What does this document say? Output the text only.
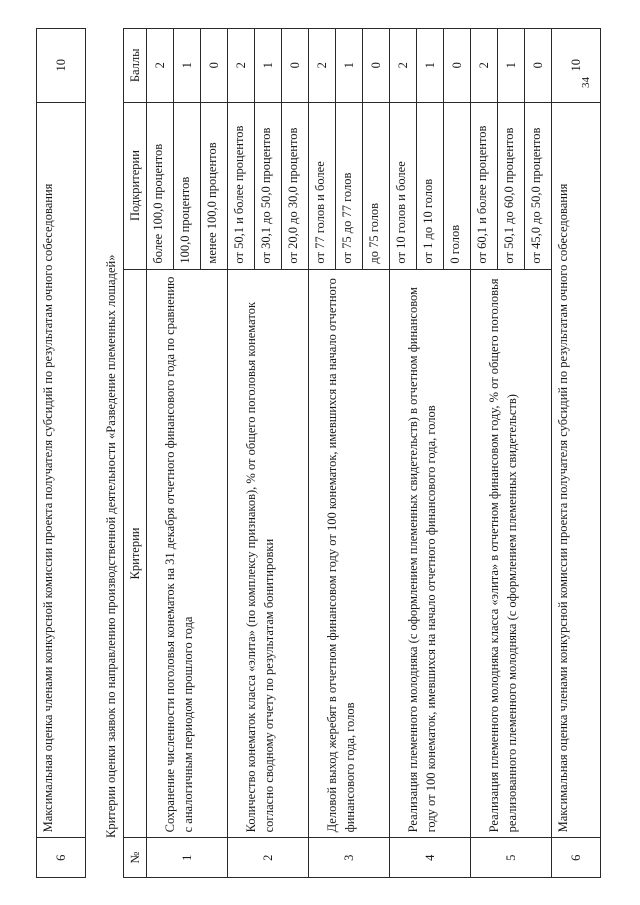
34
6	Максимальная оценка членами конкурсной комиссии проекта получателя субсидий по результатам очного собеседования	10
Критерии оценки заявок по направлению производственной деятельности «Разведение племенных лошадей»
№	Критерии	Подкритерии	Баллы
1	Сохранение численности поголовья конематок на 31 декабря отчетного финансового года по сравнению с аналогичным периодом прошлого года	более 100,0 процентов	2
		100,0 процентов	1
		менее 100,0 процентов	0
2	Количество конематок класса «элита» (по комплексу признаков), % от общего поголовья конематок согласно сводному отчету по результатам бонитировки	от 50,1 и более процентов	2
		от 30,1 до 50,0 процентов	1
		от 20,0 до 30,0 процентов	0
3	Деловой выход жеребят в отчетном финансовом году от 100 конематок, имевшихся на начало отчетного финансового года, голов	от 77 голов и более	2
		от 75 до 77 голов	1
		до 75 голов	0
4	Реализация племенного молодняка (с оформлением племенных свидетельств) в отчетном финансовом году от 100 конематок, имевшихся на начало отчетного финансового года, голов	от 10 голов и более	2
		от 1 до 10 голов	1
		0 голов	0
5	Реализация племенного молодняка класса «элита» в отчетном финансовом году, % от общего поголовья реализованного племенного молодняка (с оформлением племенных свидетельств)	от 60,1 и более процентов	2
		от 50,1 до 60,0 процентов	1
		от 45,0 до 50,0 процентов	0
6	Максимальная оценка членами конкурсной комиссии проекта получателя субсидий по результатам очного собеседования		10
